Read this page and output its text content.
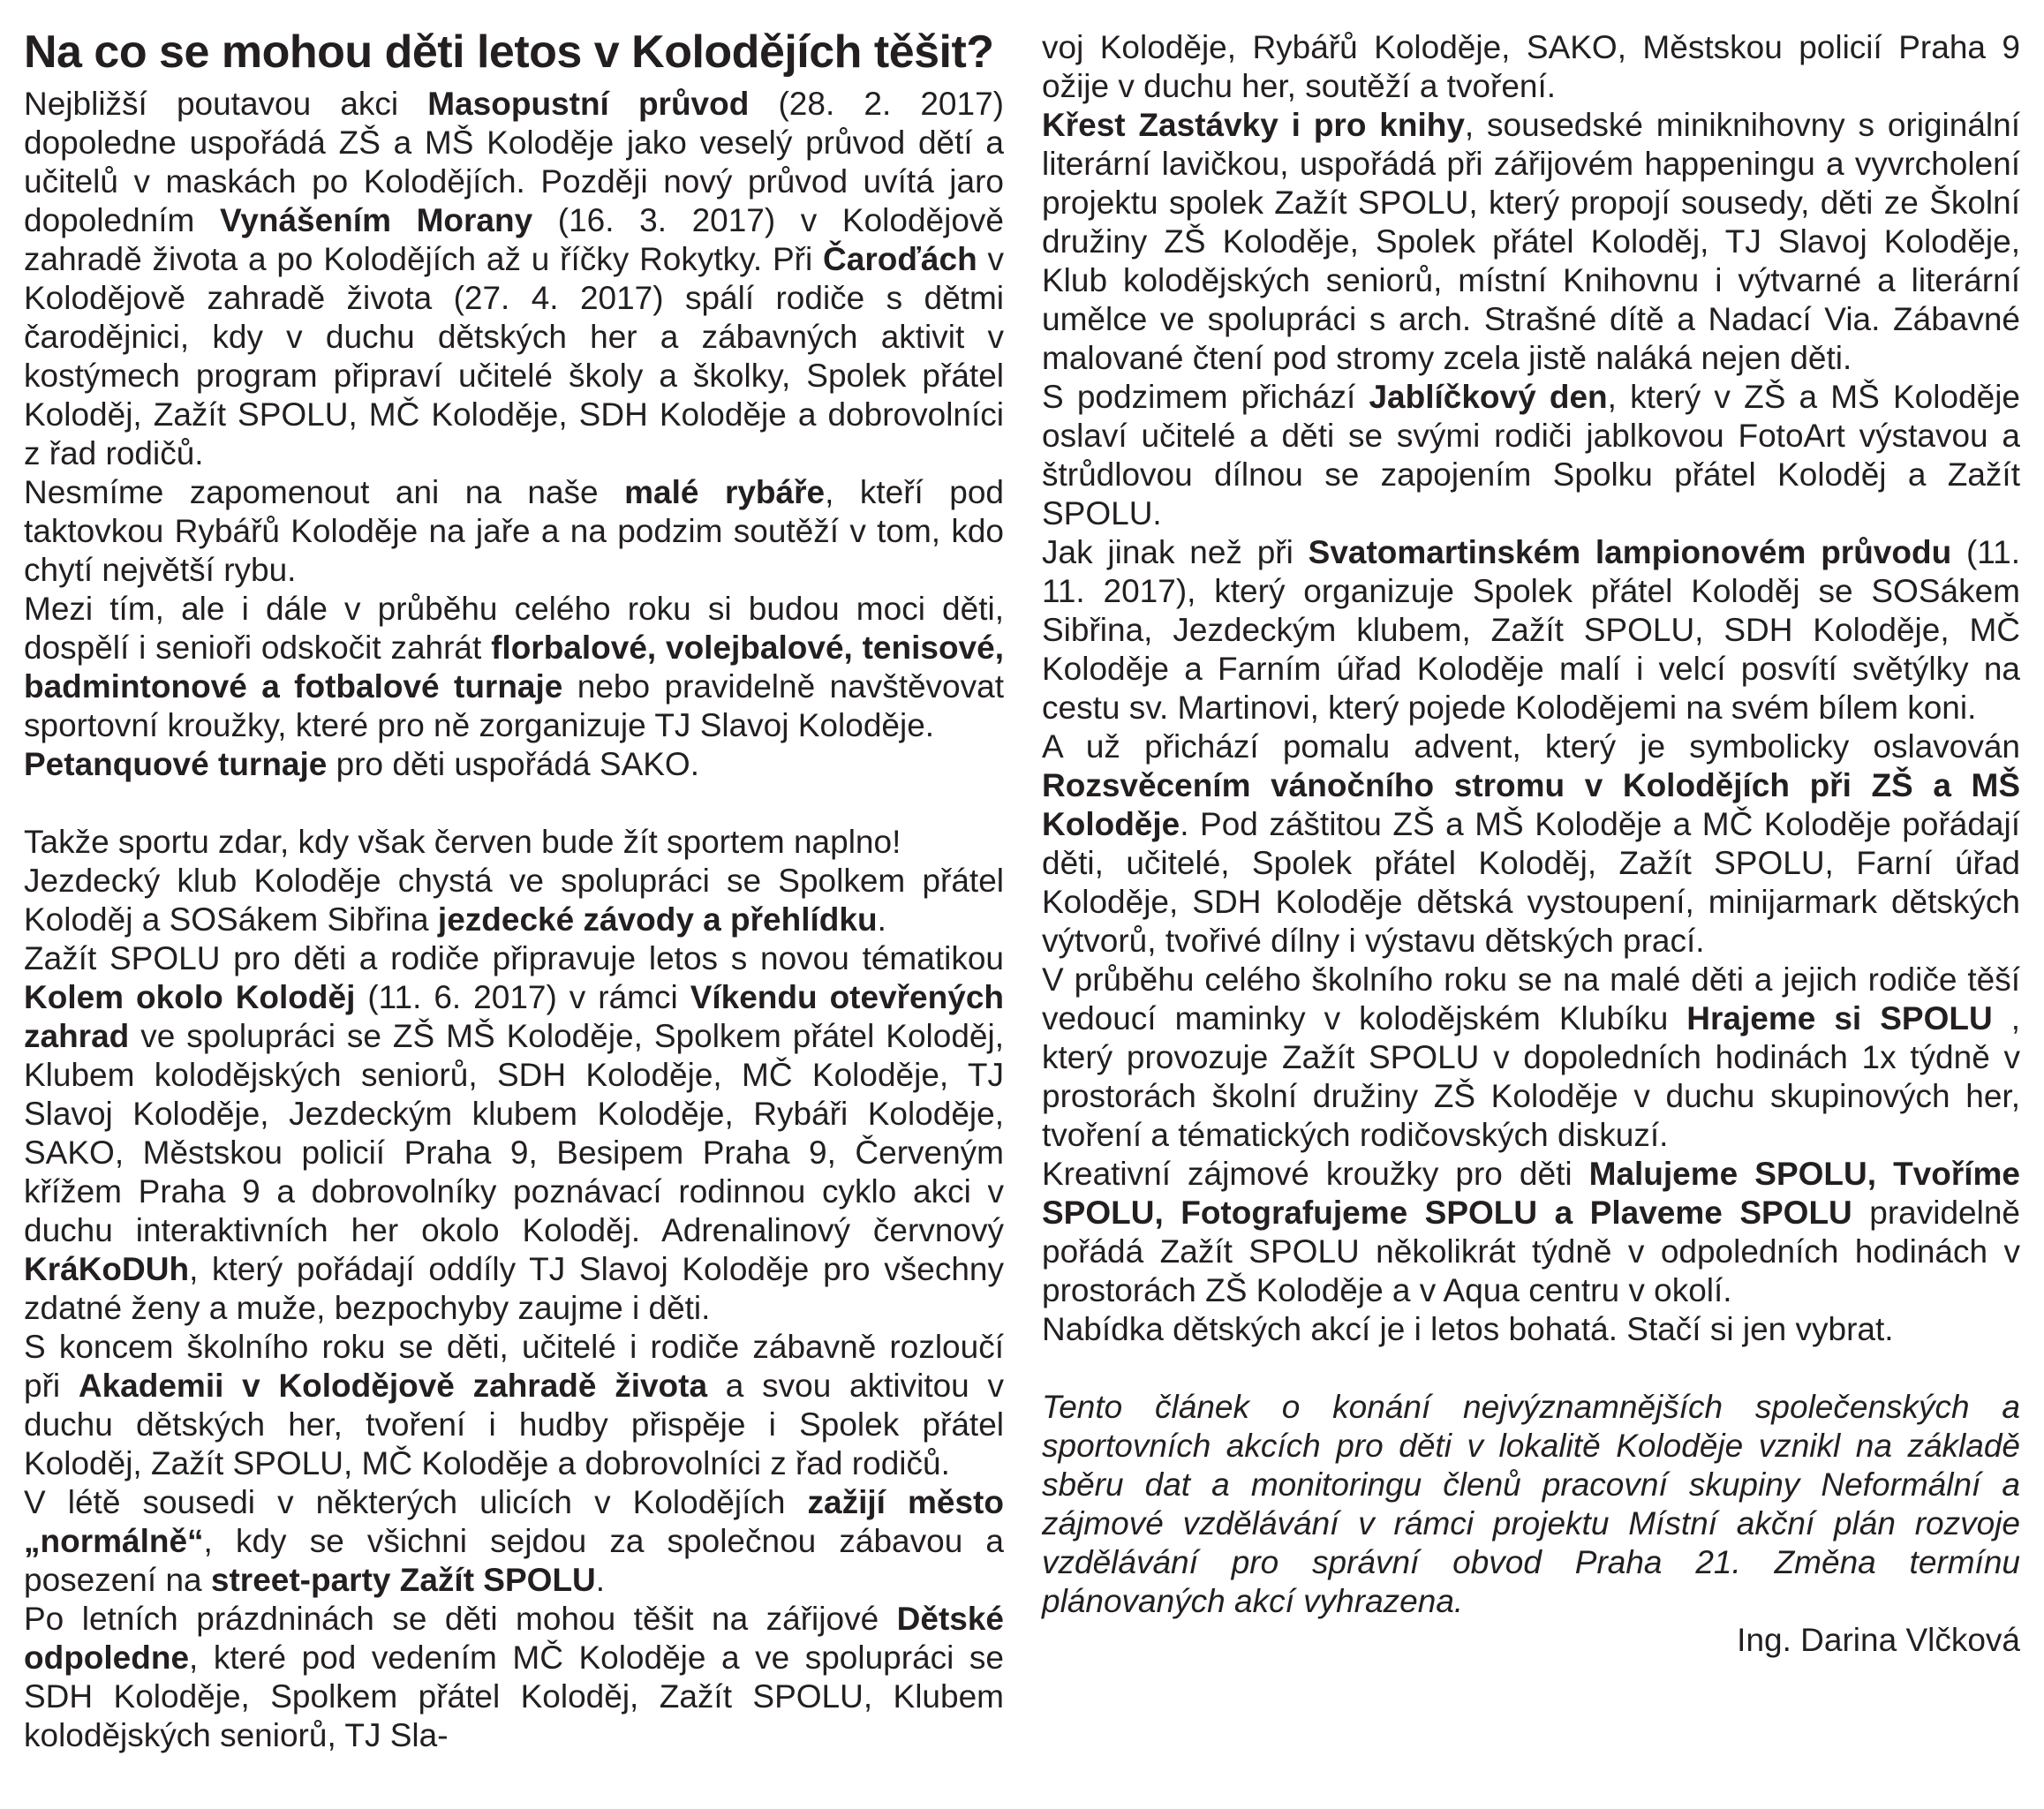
Na co se mohou děti letos v Kolodějích těšit?

Nejbližší poutavou akci Masopustní průvod (28. 2. 2017) dopoledne uspořádá ZŠ a MŠ Koloděje jako veselý průvod dětí a učitelů v maskách po Kolodějích. Později nový průvod uvítá jaro dopoledním Vynášením Morany (16. 3. 2017) v Kolodějově zahradě života a po Kolodějích až u říčky Rokytky. Při Čaroďách v Kolodějově zahradě života (27. 4. 2017) spálí rodiče s dětmi čarodějnici, kdy v duchu dětských her a zábavných aktivit v kostýmech program připraví učitelé školy a školky, Spolek přátel Koloděj, Zažít SPOLU, MČ Koloděje, SDH Koloděje a dobrovolníci z řad rodičů.

Nesmíme zapomenout ani na naše malé rybáře, kteří pod taktovkou Rybářů Koloděje na jaře a na podzim soutěží v tom, kdo chytí největší rybu.

Mezi tím, ale i dále v průběhu celého roku si budou moci děti, dospělí i senioři odskočit zahrát florbalové, volejbalové, tenisové, badmintonové a fotbalové turnaje nebo pravidelně navštěvovat sportovní kroužky, které pro ně zorganizuje TJ Slavoj Koloděje.

Petanquové turnaje pro děti uspořádá SAKO.

Takže sportu zdar, kdy však červen bude žít sportem naplno!

Jezdecký klub Koloděje chystá ve spolupráci se Spolkem přátel Koloděj a SOSákem Sibřina jezdecké závody a přehlídku.

Zažít SPOLU pro děti a rodiče připravuje letos s novou tématikou Kolem okolo Koloděj (11. 6. 2017) v rámci Víkendu otevřených zahrad ve spolupráci se ZŠ MŠ Koloděje, Spolkem přátel Koloděj, Klubem kolodějských seniorů, SDH Koloděje, MČ Koloděje, TJ Slavoj Koloděje, Jezdeckým klubem Koloděje, Rybáři Koloděje, SAKO, Městskou policií Praha 9, Besipem Praha 9, Červeným křížem Praha 9 a dobrovolníky poznávací rodinnou cyklo akci v duchu interaktivních her okolo Koloděj. Adrenalinový červnový KráKoDUh, který pořádají oddíly TJ Slavoj Koloděje pro všechny zdatné ženy a muže, bezpochyby zaujme i děti.

S koncem školního roku se děti, učitelé i rodiče zábavně rozloučí při Akademii v Kolodějově zahradě života a svou aktivitou v duchu dětských her, tvoření i hudby přispěje i Spolek přátel Koloděj, Zažít SPOLU, MČ Koloděje a dobrovolníci z řad rodičů.

V létě sousedi v některých ulicích v Kolodějích zažijí město „normálně“, kdy se všichni sejdou za společnou zábavou a posezení na street-party Zažít SPOLU.

Po letních prázdninách se děti mohou těšit na zářijové Dětské odpoledne, které pod vedením MČ Koloděje a ve spolupráci se SDH Koloděje, Spolkem přátel Koloděj, Zažít SPOLU, Klubem kolodějských seniorů, TJ Sla-

voj Koloděje, Rybářů Koloděje, SAKO, Městskou policií Praha 9 ožije v duchu her, soutěží a tvoření.

Křest Zastávky i pro knihy, sousedské miniknihovny s originální literární lavičkou, uspořádá při zářijovém happeningu a vyvrcholení projektu spolek Zažít SPOLU, který propojí sousedy, děti ze Školní družiny ZŠ Koloděje, Spolek přátel Koloděj, TJ Slavoj Koloděje, Klub kolodějských seniorů, místní Knihovnu i výtvarné a literární umělce ve spolupráci s arch. Strašné dítě a Nadací Via. Zábavné malované čtení pod stromy zcela jistě naláká nejen děti.

S podzimem přichází Jablíčkový den, který v ZŠ a MŠ Koloděje oslaví učitelé a děti se svými rodiči jablkovou FotoArt výstavou a štrůdlovou dílnou se zapojením Spolku přátel Koloděj a Zažít SPOLU.

Jak jinak než při Svatomartinském lampionovém průvodu (11. 11. 2017), který organizuje Spolek přátel Koloděj se SOSákem Sibřina, Jezdeckým klubem, Zažít SPOLU, SDH Koloděje, MČ Koloděje a Farním úřad Koloděje malí i velcí posvítí světýlky na cestu sv. Martinovi, který pojede Kolodějemi na svém bílem koni.

A už přichází pomalu advent, který je symbolicky oslavován Rozsvěcením vánočního stromu v Kolodějích při ZŠ a MŠ Koloděje. Pod záštitou ZŠ a MŠ Koloděje a MČ Koloděje pořádají děti, učitelé, Spolek přátel Koloděj, Zažít SPOLU, Farní úřad Koloděje, SDH Koloděje dětská vystoupení, minijarmark dětských výtvorů, tvořivé dílny i výstavu dětských prací.

V průběhu celého školního roku se na malé děti a jejich rodiče těší vedoucí maminky v kolodějském Klubíku Hrajeme si SPOLU , který provozuje Zažít SPOLU v dopoledních hodinách 1x týdně v prostorách školní družiny ZŠ Koloděje v duchu skupinových her, tvoření a tématických rodičovských diskuzí.

Kreativní zájmové kroužky pro děti Malujeme SPOLU, Tvoříme SPOLU, Fotografujeme SPOLU a Plaveme SPOLU pravidelně pořádá Zažít SPOLU několikrát týdně v odpoledních hodinách v prostorách ZŠ Koloděje a v Aqua centru v okolí.

Nabídka dětských akcí je i letos bohatá. Stačí si jen vybrat.

Tento článek o konání nejvýznamnějších společenských a sportovních akcích pro děti v lokalitě Koloděje vznikl na základě sběru dat a monitoringu členů pracovní skupiny Neformální a zájmové vzdělávání v rámci projektu Místní akční plán rozvoje vzdělávání pro správní obvod Praha 21. Změna termínu plánovaných akcí vyhrazena.

Ing. Darina Vlčková
